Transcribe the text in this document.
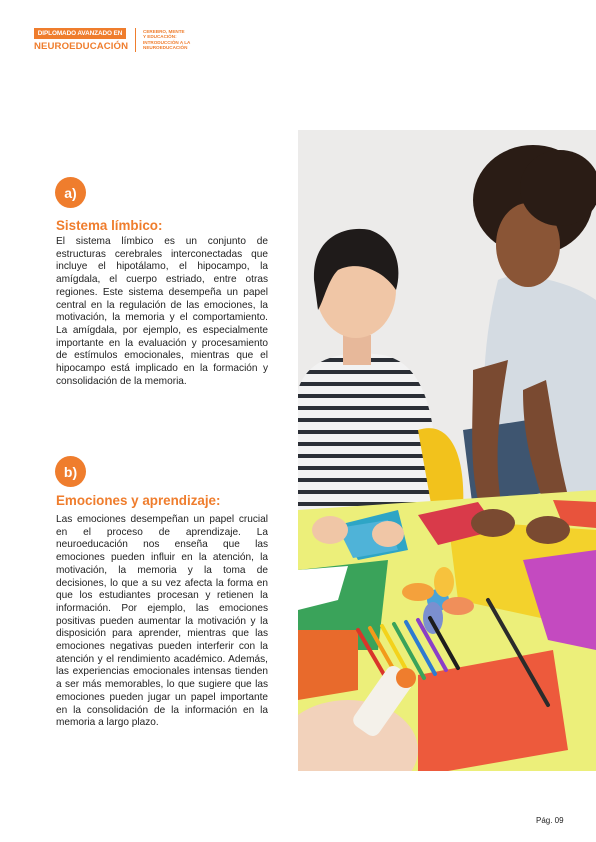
DIPLOMADO AVANZADO EN
NEUROEDUCACIÓN
CEREBRO, MENTE
Y EDUCACIÓN:
INTRODUCCIÓN A LA
NEUROEDUCACIÓN
a)
Sistema límbico:
El sistema límbico es un conjunto de estructuras cerebrales interconectadas que incluye el hipotálamo, el hipocampo, la amígdala, el cuerpo estriado, entre otras regiones. Este sistema desempeña un papel central en la regulación de las emociones, la motivación, la memoria y el comportamiento. La amígdala, por ejemplo, es especialmente importante en la evaluación y procesamiento de estímulos emocionales, mientras que el hipocampo está implicado en la formación y consolidación de la memoria.
b)
Emociones y aprendizaje:
Las emociones desempeñan un papel crucial en el proceso de aprendizaje. La neuroeducación nos enseña que las emociones pueden influir en la atención, la motivación, la memoria y la toma de decisiones, lo que a su vez afecta la forma en que los estudiantes procesan y retienen la información. Por ejemplo, las emociones positivas pueden aumentar la motivación y la disposición para aprender, mientras que las emociones negativas pueden interferir con la atención y el rendimiento académico. Además, las experiencias emocionales intensas tienden a ser más memorables, lo que sugiere que las emociones pueden jugar un papel importante en la consolidación de la información en la memoria a largo plazo.
Pág. 09
